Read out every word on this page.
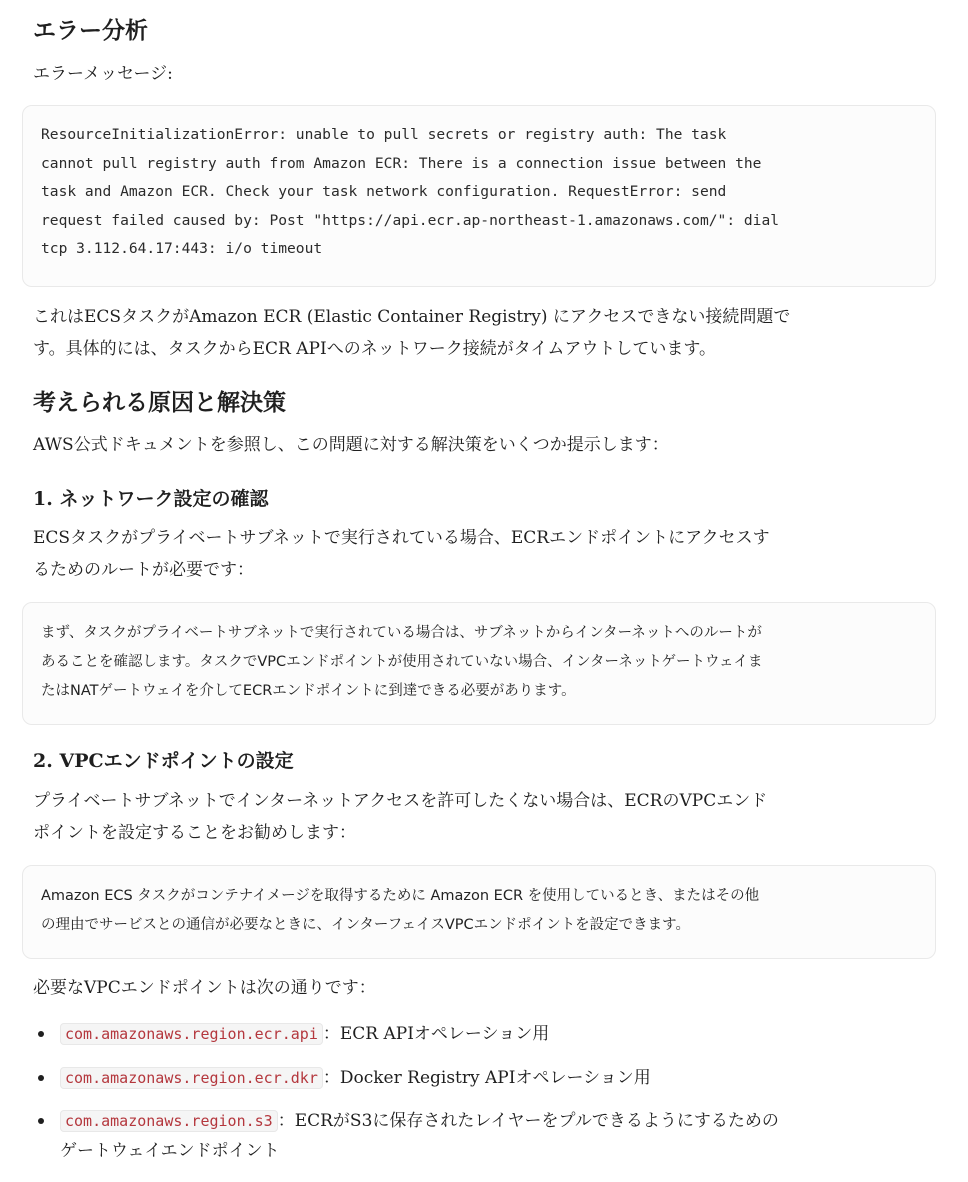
エラー分析

エラーメッセージ:

ResourceInitializationError: unable to pull secrets or registry auth: The task
cannot pull registry auth from Amazon ECR: There is a connection issue between the
task and Amazon ECR. Check your task network configuration. RequestError: send
request failed caused by: Post "https://api.ecr.ap-northeast-1.amazonaws.com/": dial
tcp 3.112.64.17:443: i/o timeout

これはECSタスクがAmazon ECR (Elastic Container Registry) にアクセスできない接続問題で

す。具体的には、タスクからECR APIへのネットワーク接続がタイムアウトしています。

考えられる原因と解決策

AWS公式ドキュメントを参照し、この問題に対する解決策をいくつか提示します：

1. ネットワーク設定の確認

ECSタスクがプライベートサブネットで実行されている場合、ECRエンドポイントにアクセスす

るためのルートが必要です：

まず、タスクがプライベートサブネットで実行されている場合は、サブネットからインターネットへのルートが
あることを確認します。タスクでVPCエンドポイントが使用されていない場合、インターネットゲートウェイま
たはNATゲートウェイを介してECRエンドポイントに到達できる必要があります。
2. VPCエンドポイントの設定

プライベートサブネットでインターネットアクセスを許可したくない場合は、ECRのVPCエンド

ポイントを設定することをお勧めします：

Amazon ECS タスクがコンテナイメージを取得するために Amazon ECR を使用しているとき、またはその他
の理由でサービスとの通信が必要なときに、インターフェイスVPCエンドポイントを設定できます。

必要なVPCエンドポイントは次の通りです：

com.amazonaws.region.ecr.api ：ECR APIオペレーション用
com.amazonaws.region.ecr.dkr ：Docker Registry APIオペレーション用
com.amazonaws.region.s3 ：ECRがS3に保存されたレイヤーをプルできるようにするための
ゲートウェイエンドポイント
